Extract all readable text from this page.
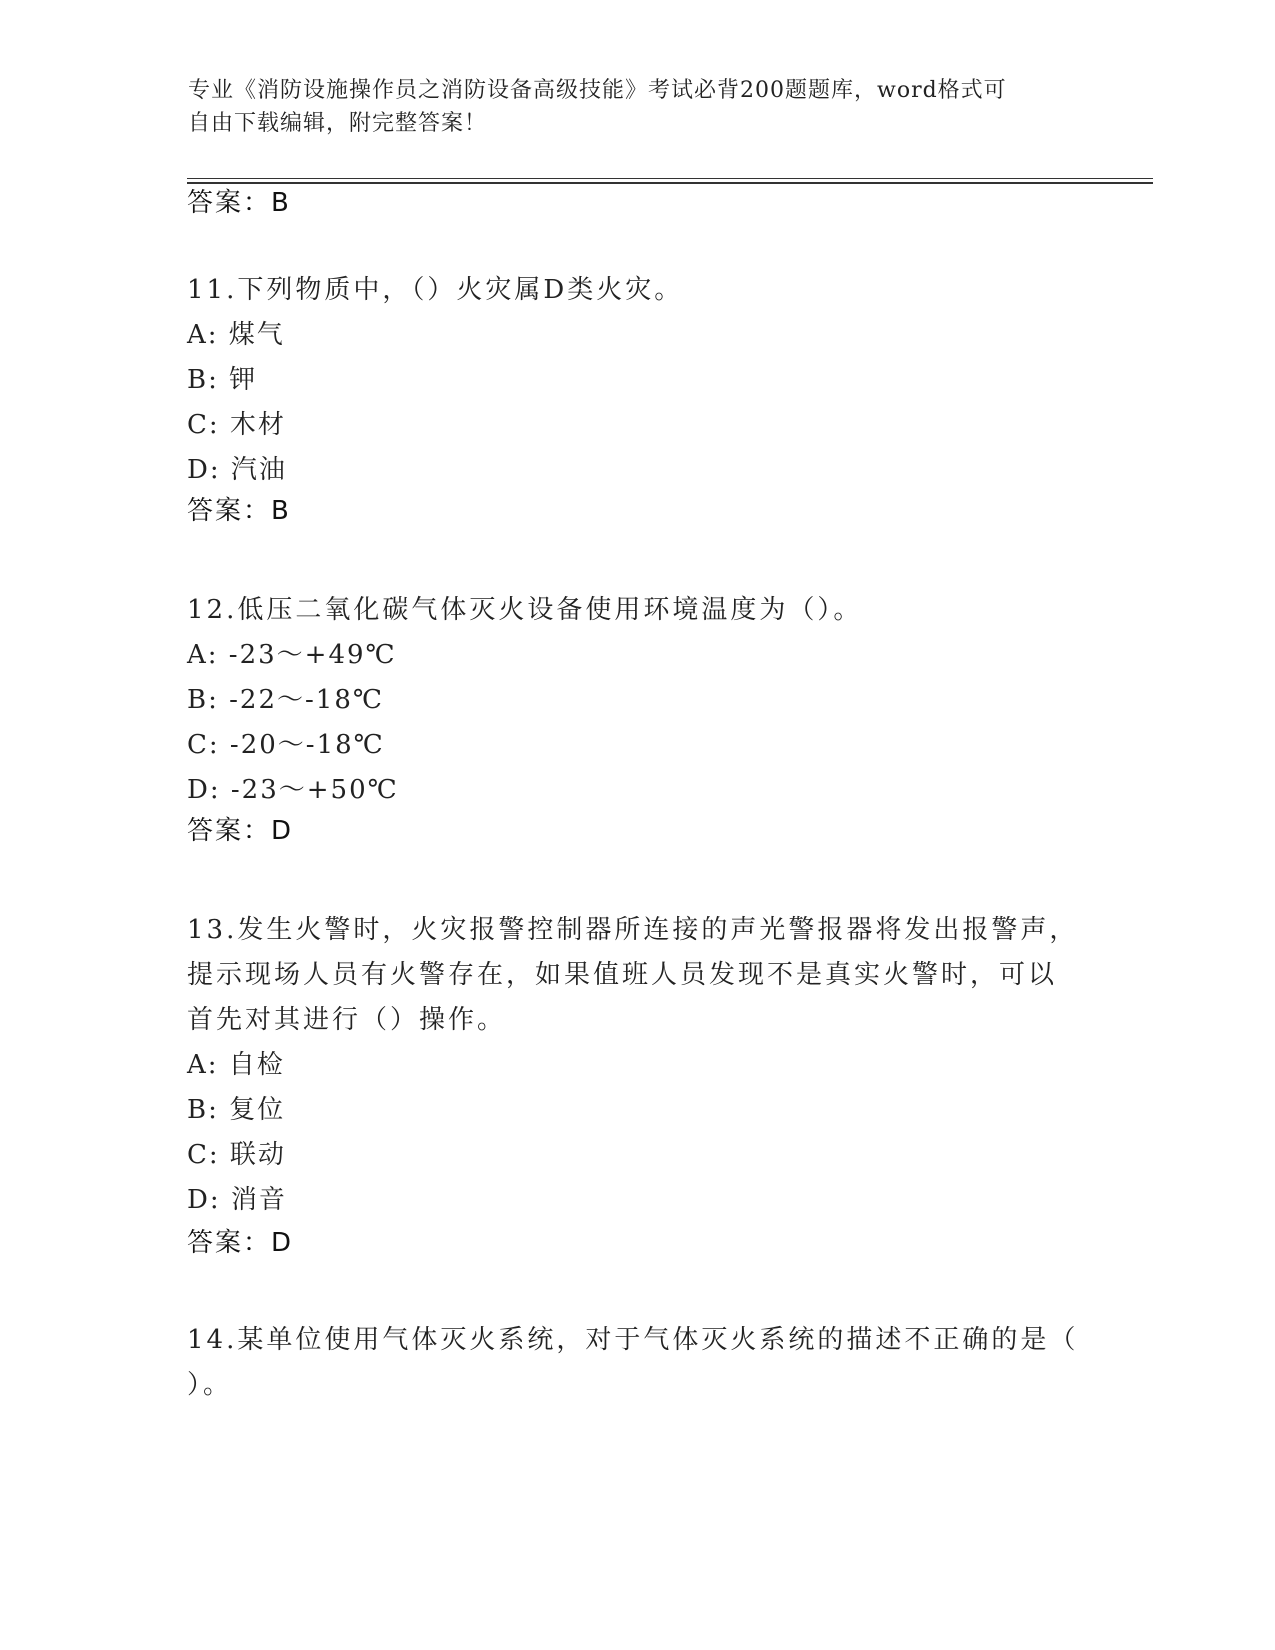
专业《消防设施操作员之消防设备高级技能》考试必背200题题库，word格式可
自由下载编辑，附完整答案！
答案：B
11.下列物质中，（）火灾属D类火灾。
A: 煤气
B: 钾
C: 木材
D: 汽油
答案：B
12.低压二氧化碳气体灭火设备使用环境温度为（）。
A: -23～+49℃
B: -22～-18℃
C: -20～-18℃
D: -23～+50℃
答案：D
13.发生火警时，火灾报警控制器所连接的声光警报器将发出报警声，
提示现场人员有火警存在，如果值班人员发现不是真实火警时，可以
首先对其进行（）操作。
A: 自检
B: 复位
C: 联动
D: 消音
答案：D
14.某单位使用气体灭火系统，对于气体灭火系统的描述不正确的是（
）。
